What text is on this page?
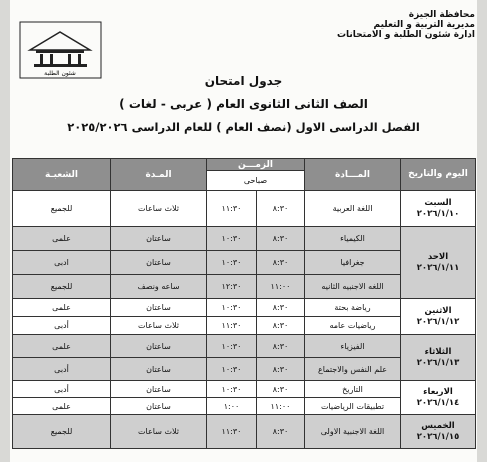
محافظة الجيزة
مديرية التربية و التعليم
ادارة شئون الطلبة و الامتحانات
شئون الطلبة
جدول امتحان
الصف الثانى الثانوى العام ( عربى - لغات )
الفصل الدراسى الاول (نصف العام ) للعام الدراسى ٢٠٢٥/٢٠٢٦
اليوم والتاريخ	المـــادة	الزمـــن		المـدة	الشعبـة
		صباحى			

السبت
٢٠٢٦/١/١٠	اللغة العربية	٨:٣٠	١١:٣٠	ثلاث ساعات	للجميع

الاحد
٢٠٢٦/١/١١	الكيمياء	٨:٣٠	١٠:٣٠	ساعتان	علمى
	جغرافيا	٨:٣٠	١٠:٣٠	ساعتان	ادبى
	اللغه الاجنبيه الثانيه	١١:٠٠	١٢:٣٠	ساعه ونصف	للجميع

الاثنين
٢٠٢٦/١/١٢	رياضة بحتة	٨:٣٠	١٠:٣٠	ساعتان	علمى
	رياضيات عامه	٨:٣٠	١١:٣٠	ثلاث ساعات	أدبى

الثلاثاء
٢٠٢٦/١/١٣	الفيزياء	٨:٣٠	١٠:٣٠	ساعتان	علمى
	علم النفس والاجتماع	٨:٣٠	١٠:٣٠	ساعتان	أدبى

الاربعاء
٢٠٢٦/١/١٤	التاريخ	٨:٣٠	١٠:٣٠	ساعتان	أدبى
	تطبيقات الرياضيات	١١:٠٠	١:٠٠	ساعتان	علمى

الخميس
٢٠٢٦/١/١٥	اللغة الاجنبية الاولى	٨:٣٠	١١:٣٠	ثلاث ساعات	للجميع
